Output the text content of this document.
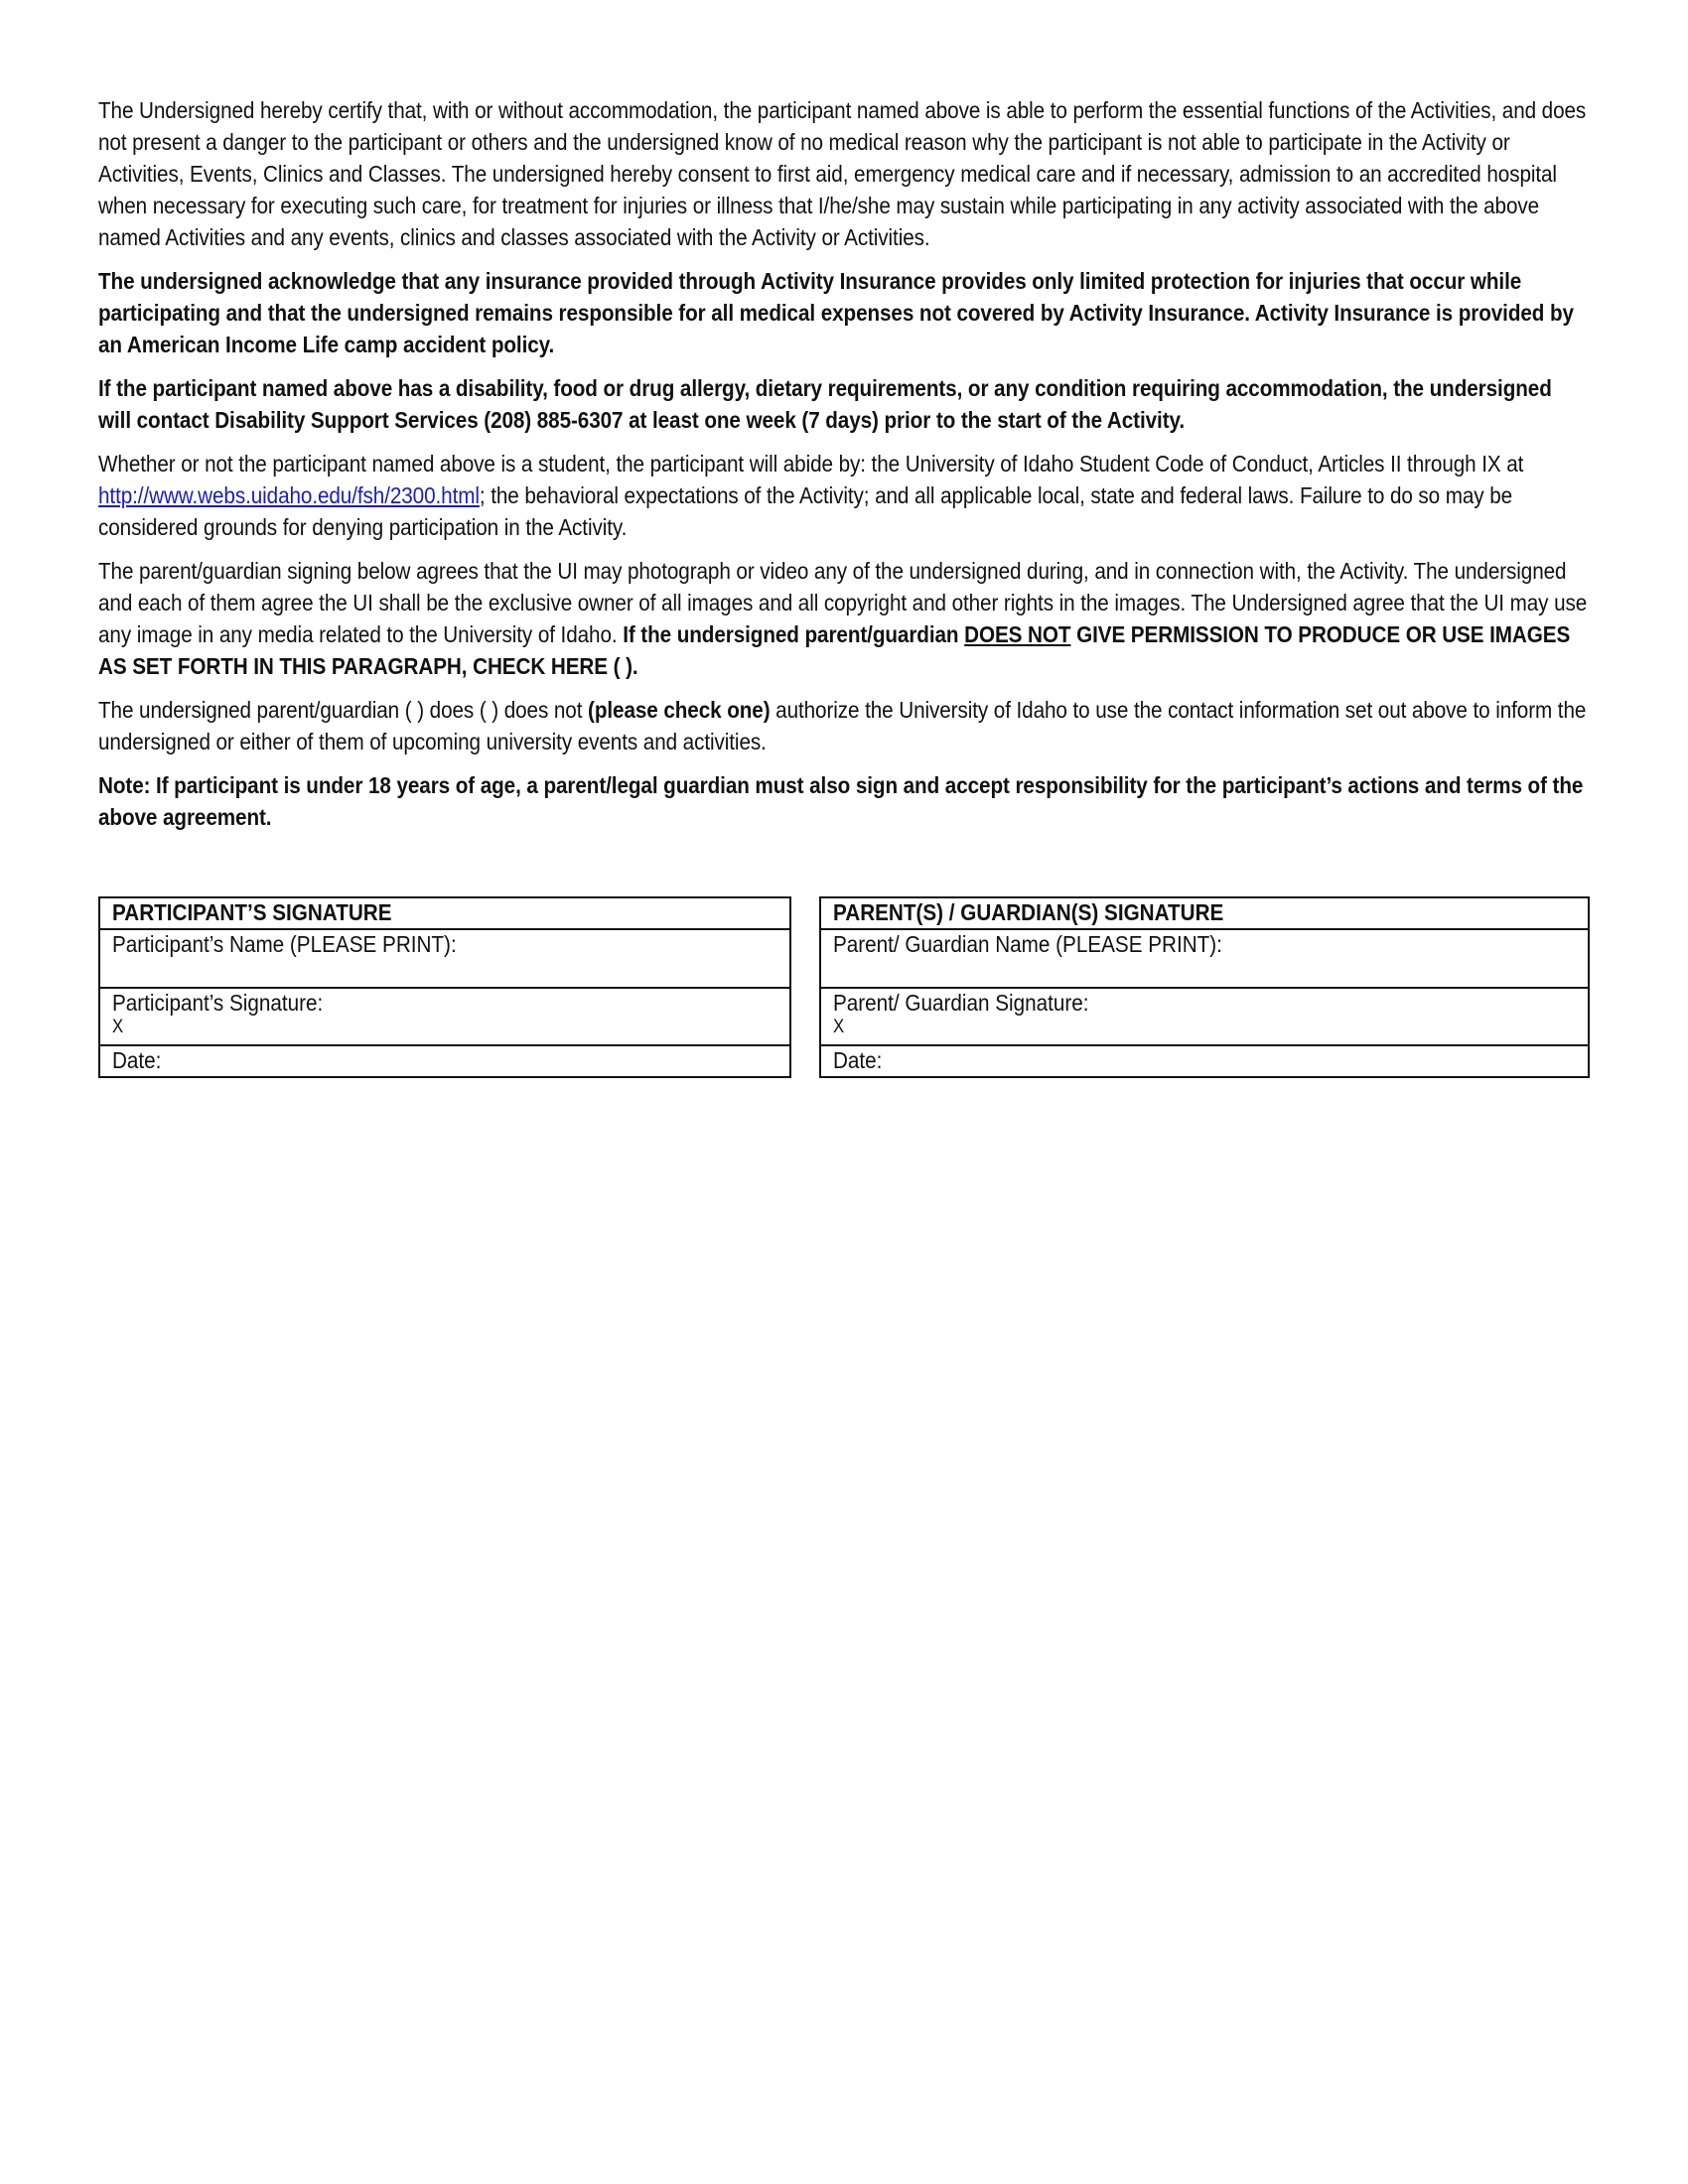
The Undersigned hereby certify that, with or without accommodation, the participant named above is able to perform the essential functions of the Activities, and does not present a danger to the participant or others and the undersigned know of no medical reason why the participant is not able to participate in the Activity or Activities, Events, Clinics and Classes. The undersigned hereby consent to first aid, emergency medical care and if necessary, admission to an accredited hospital when necessary for executing such care, for treatment for injuries or illness that I/he/she may sustain while participating in any activity associated with the above named Activities and any events, clinics and classes associated with the Activity or Activities.

The undersigned acknowledge that any insurance provided through Activity Insurance provides only limited protection for injuries that occur while participating and that the undersigned remains responsible for all medical expenses not covered by Activity Insurance. Activity Insurance is provided by an American Income Life camp accident policy.

If the participant named above has a disability, food or drug allergy, dietary requirements, or any condition requiring accommodation, the undersigned will contact Disability Support Services (208) 885-6307 at least one week (7 days) prior to the start of the Activity.

Whether or not the participant named above is a student, the participant will abide by: the University of Idaho Student Code of Conduct, Articles II through IX at http://www.webs.uidaho.edu/fsh/2300.html; the behavioral expectations of the Activity; and all applicable local, state and federal laws. Failure to do so may be considered grounds for denying participation in the Activity.

The parent/guardian signing below agrees that the UI may photograph or video any of the undersigned during, and in connection with, the Activity. The undersigned and each of them agree the UI shall be the exclusive owner of all images and all copyright and other rights in the images. The Undersigned agree that the UI may use any image in any media related to the University of Idaho. If the undersigned parent/guardian DOES NOT GIVE PERMISSION TO PRODUCE OR USE IMAGES AS SET FORTH IN THIS PARAGRAPH, CHECK HERE ( ).

The undersigned parent/guardian ( ) does ( ) does not (please check one) authorize the University of Idaho to use the contact information set out above to inform the undersigned or either of them of upcoming university events and activities.

Note: If participant is under 18 years of age, a parent/legal guardian must also sign and accept responsibility for the participant’s actions and terms of the above agreement.

PARTICIPANT’S SIGNATURE
Participant’s Name (PLEASE PRINT):
Participant’s Signature:
X

Date:
PARENT(S) / GUARDIAN(S) SIGNATURE
Parent/ Guardian Name (PLEASE PRINT):
Parent/ Guardian Signature:
X

Date:
